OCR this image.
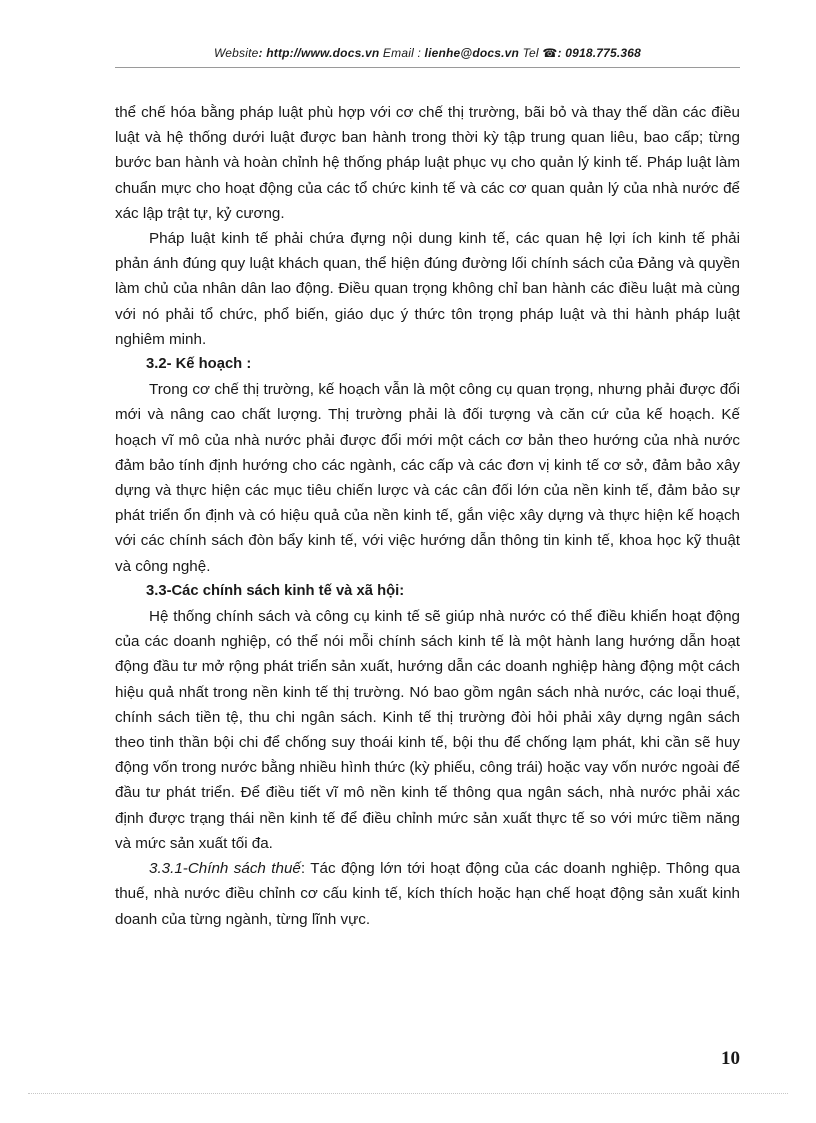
Website: http://www.docs.vn Email : lienhe@docs.vn Tel ☎: 0918.775.368

thể chế hóa bằng pháp luật phù hợp với cơ chế thị trường, bãi bỏ và thay thế dần các điều luật và hệ thống dưới luật được ban hành trong thời kỳ tập trung quan liêu, bao cấp; từng bước ban hành và hoàn chỉnh hệ thống pháp luật phục vụ cho quản lý kinh tế. Pháp luật làm chuẩn mực cho hoạt động của các tổ chức kinh tế và các cơ quan quản lý của nhà nước để xác lập trật tự, kỷ cương.

Pháp luật kinh tế phải chứa đựng nội dung kinh tế, các quan hệ lợi ích kinh tế phải phản ánh đúng quy luật khách quan, thể hiện đúng đường lối chính sách của Đảng và quyền làm chủ của nhân dân lao động. Điều quan trọng không chỉ ban hành các điều luật mà cùng với nó phải tổ chức, phổ biến, giáo dục ý thức tôn trọng pháp luật và thi hành pháp luật nghiêm minh.

3.2- Kế hoạch :

Trong cơ chế thị trường, kế hoạch vẫn là một công cụ quan trọng, nhưng phải được đổi mới và nâng cao chất lượng. Thị trường phải là đối tượng và căn cứ của kế hoạch. Kế hoạch vĩ mô của nhà nước phải được đổi mới một cách cơ bản theo hướng của nhà nước đảm bảo tính định hướng cho các ngành, các cấp và các đơn vị kinh tế cơ sở, đảm bảo xây dựng và thực hiện các mục tiêu chiến lược và các cân đối lớn của nền kinh tế, đảm bảo sự phát triển ổn định và có hiệu quả của nền kinh tế, gắn việc xây dựng và thực hiện kế hoạch với các chính sách đòn bẩy kinh tế, với việc hướng dẫn thông tin kinh tế, khoa học kỹ thuật và công nghệ.

3.3-Các chính sách kinh tế và xã hội:

Hệ thống chính sách và công cụ kinh tế sẽ giúp nhà nước có thể điều khiển hoạt động của các doanh nghiệp, có thể nói mỗi chính sách kinh tế là một hành lang hướng dẫn hoạt động đầu tư mở rộng phát triển sản xuất, hướng dẫn các doanh nghiệp hàng động một cách hiệu quả nhất trong nền kinh tế thị trường. Nó bao gồm ngân sách nhà nước, các loại thuế, chính sách tiền tệ, thu chi ngân sách. Kinh tế thị trường đòi hỏi phải xây dựng ngân sách theo tinh thần bội chi để chống suy thoái kinh tế, bội thu để chống lạm phát, khi cần sẽ huy động vốn trong nước bằng nhiều hình thức (kỳ phiếu, công trái) hoặc vay vốn nước ngoài để đầu tư phát triển. Để điều tiết vĩ mô nền kinh tế thông qua ngân sách, nhà nước phải xác định được trạng thái nền kinh tế để điều chỉnh mức sản xuất thực tế so với mức tiềm năng và mức sản xuất tối đa.

3.3.1-Chính sách thuế: Tác động lớn tới hoạt động của các doanh nghiệp. Thông qua thuế, nhà nước điều chỉnh cơ cấu kinh tế, kích thích hoặc hạn chế hoạt động sản xuất kinh doanh của từng ngành, từng lĩnh vực.

10
